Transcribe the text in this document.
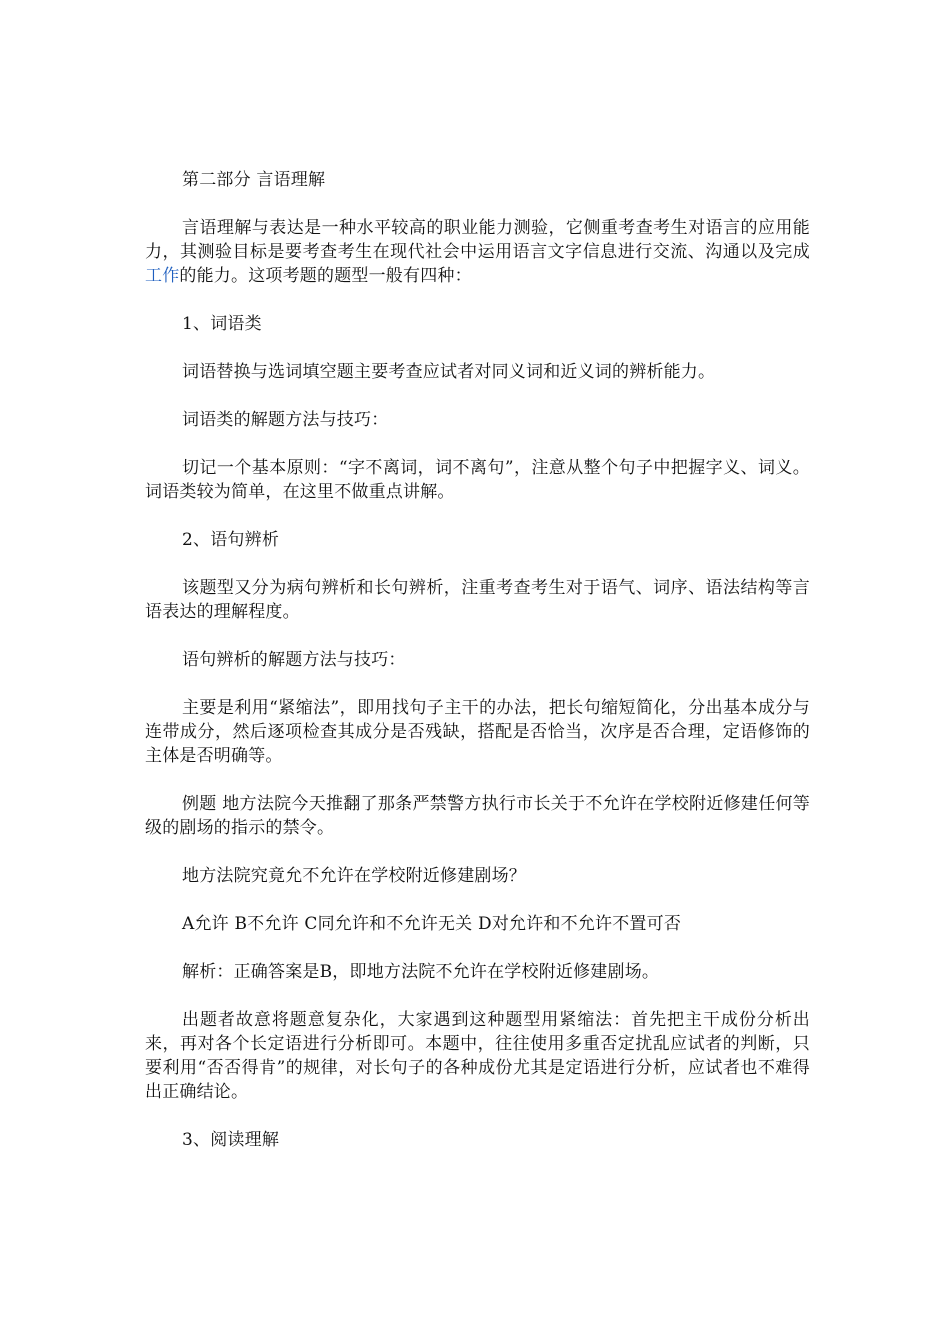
第二部分 言语理解

言语理解与表达是一种水平较高的职业能力测验，它侧重考查考生对语言的应用能力，其测验目标是要考查考生在现代社会中运用语言文字信息进行交流、沟通以及完成工作的能力。这项考题的题型一般有四种：

1、词语类

词语替换与选词填空题主要考查应试者对同义词和近义词的辨析能力。

词语类的解题方法与技巧：

切记一个基本原则：“字不离词，词不离句”，注意从整个句子中把握字义、词义。词语类较为简单，在这里不做重点讲解。

2、语句辨析

该题型又分为病句辨析和长句辨析，注重考查考生对于语气、词序、语法结构等言语表达的理解程度。

语句辨析的解题方法与技巧：

主要是利用“紧缩法”，即用找句子主干的办法，把长句缩短简化，分出基本成分与连带成分，然后逐项检查其成分是否残缺，搭配是否恰当，次序是否合理，定语修饰的主体是否明确等。

例题 地方法院今天推翻了那条严禁警方执行市长关于不允许在学校附近修建任何等级的剧场的指示的禁令。

地方法院究竟允不允许在学校附近修建剧场？

A允许 B不允许 C同允许和不允许无关 D对允许和不允许不置可否

解析：正确答案是B，即地方法院不允许在学校附近修建剧场。

出题者故意将题意复杂化，大家遇到这种题型用紧缩法：首先把主干成份分析出来，再对各个长定语进行分析即可。本题中，往往使用多重否定扰乱应试者的判断，只要利用“否否得肯”的规律，对长句子的各种成份尤其是定语进行分析，应试者也不难得出正确结论。

3、阅读理解
